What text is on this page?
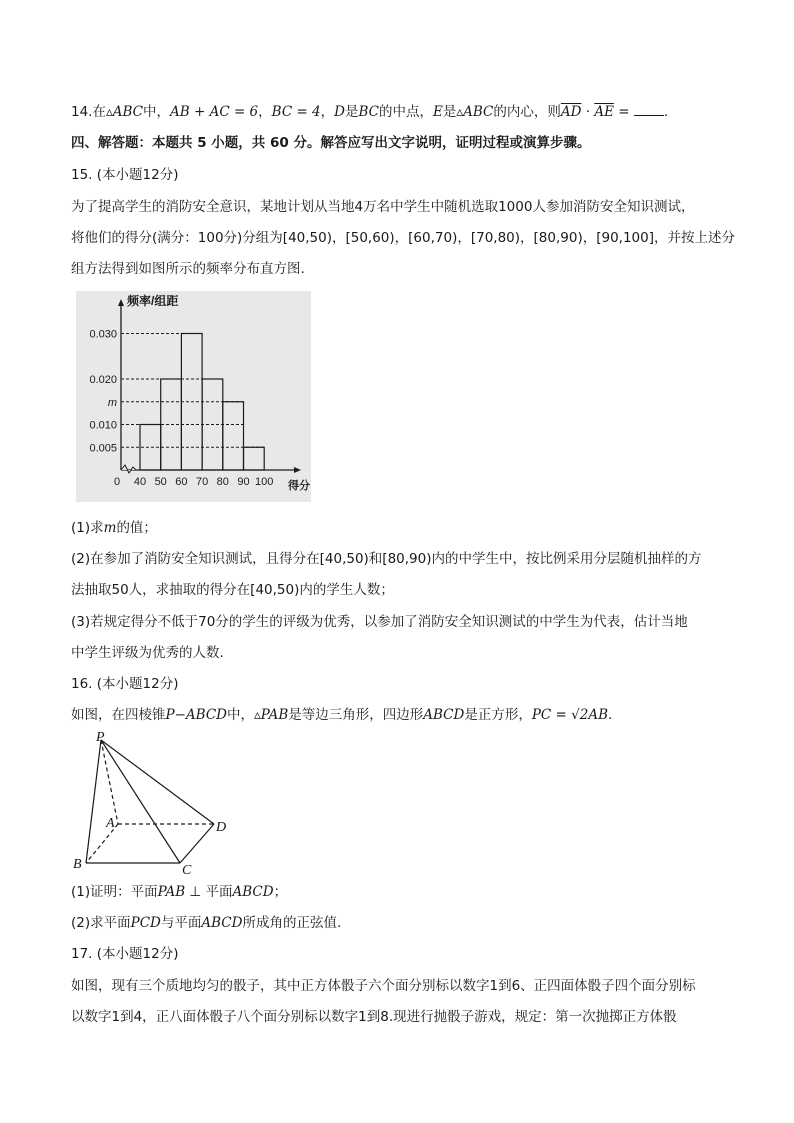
14.在▵ABC中，AB + AC = 6，BC = 4，D是BC的中点，E是▵ABC的内心，则$\overline{AD} \cdot \overline{AE}$ = .
四、解答题：本题共 5 小题，共 60 分。解答应写出文字说明，证明过程或演算步骤。
15. (本小题12分)
为了提高学生的消防安全意识，某地计划从当地4万名中学生中随机选取1000人参加消防安全知识测试，
将他们的得分(满分：100分)分组为[40,50)，[50,60)，[60,70)，[70,80)，[80,90)，[90,100]，并按上述分
组方法得到如图所示的频率分布直方图.
0.005
0.010
m
0.020
0.030
0 40 50 60 70 80 90 100
频率/组距
得分
(1)求m的值；
(2)在参加了消防安全知识测试，且得分在[40,50)和[80,90)内的中学生中，按比例采用分层随机抽样的方
法抽取50人，求抽取的得分在[40,50)内的学生人数；
(3)若规定得分不低于70分的学生的评级为优秀，以参加了消防安全知识测试的中学生为代表，估计当地
中学生评级为优秀的人数.
16. (本小题12分)
如图，在四棱锥P−ABCD中，▵PAB是等边三角形，四边形ABCD是正方形，PC = √2AB.
P
A
B	C
D
(1)证明：平面PAB ⊥ 平面ABCD；
(2)求平面PCD与平面ABCD所成角的正弦值.
17. (本小题12分)
如图，现有三个质地均匀的骰子，其中正方体骰子六个面分别标以数字1到6、正四面体骰子四个面分别标
以数字1到4，正八面体骰子八个面分别标以数字1到8.现进行抛骰子游戏，规定：第一次抛掷正方体骰
